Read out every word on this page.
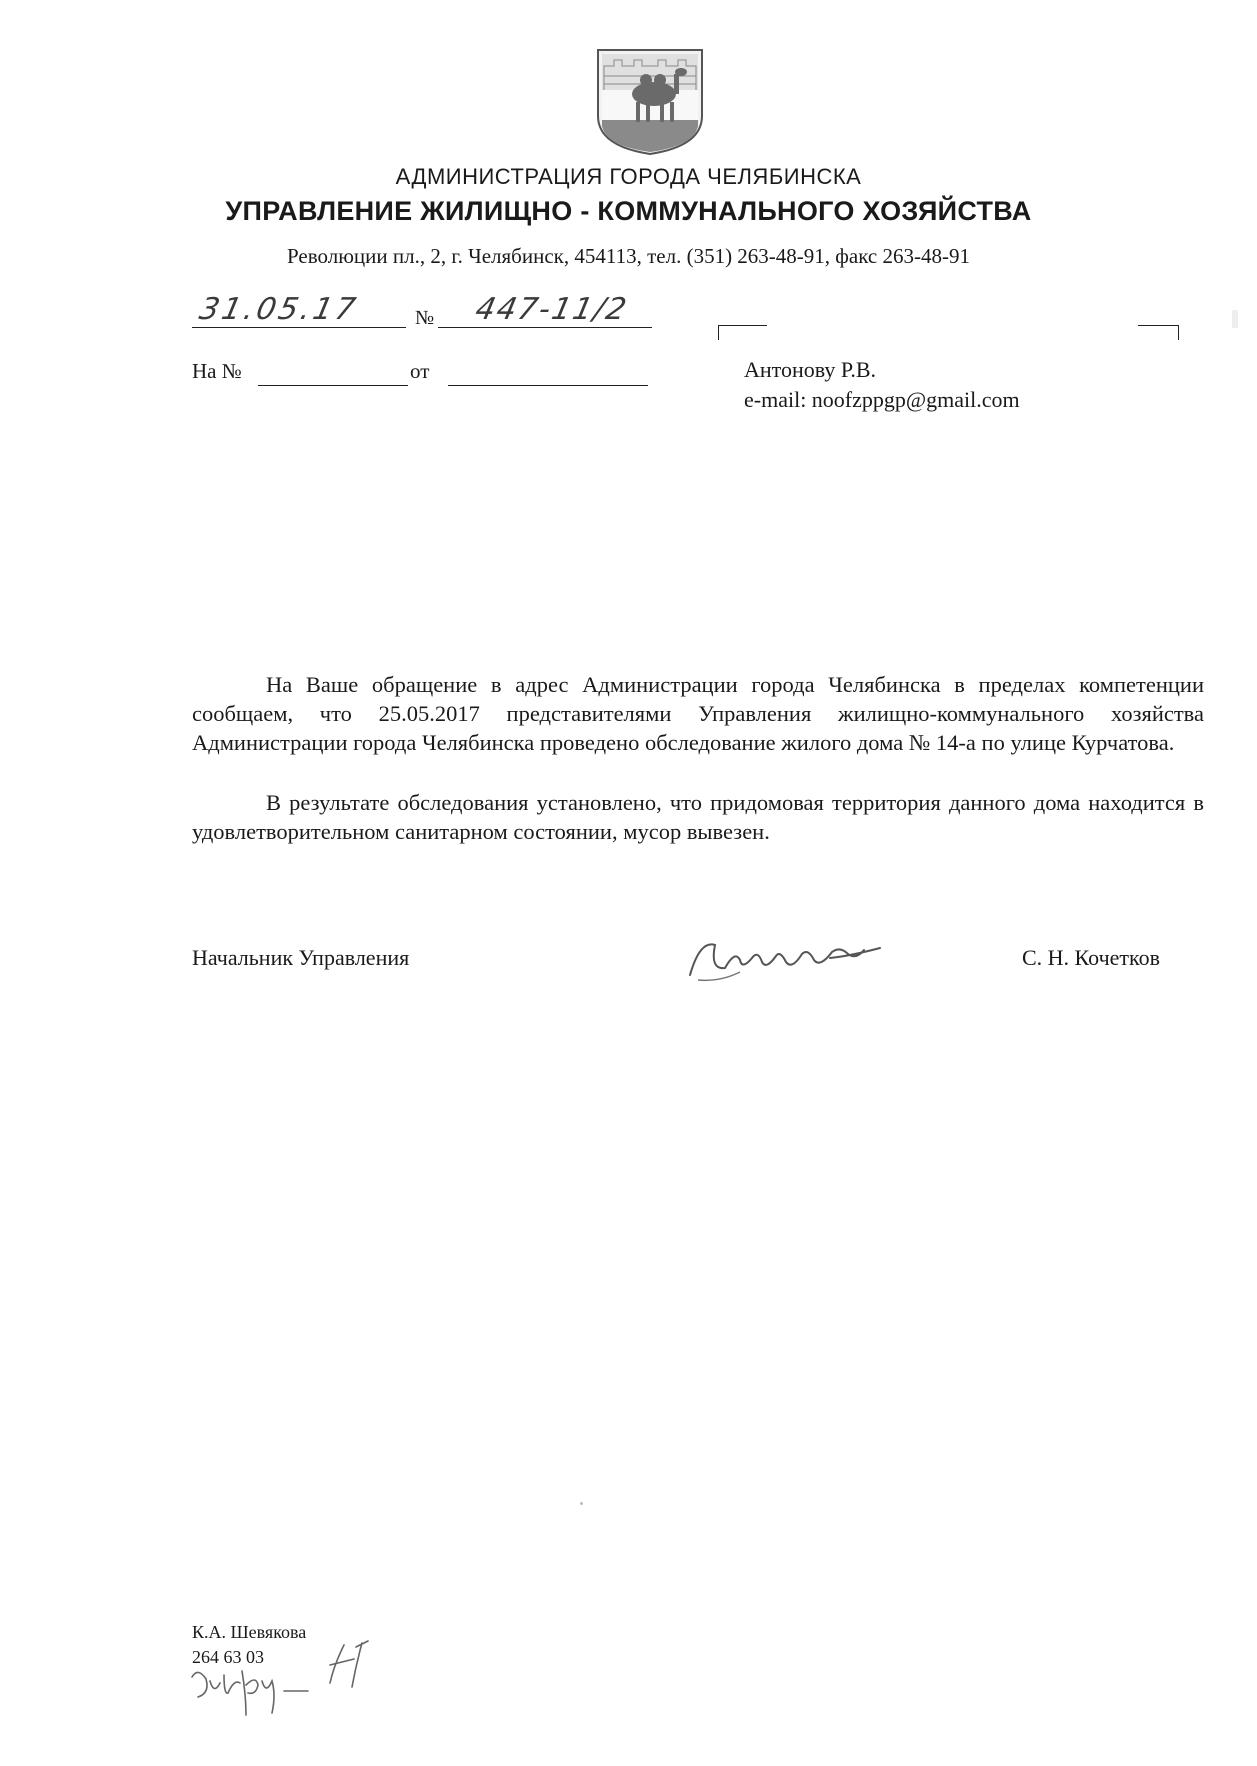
АДМИНИСТРАЦИЯ ГОРОДА ЧЕЛЯБИНСКА
УПРАВЛЕНИЕ ЖИЛИЩНО - КОММУНАЛЬНОГО ХОЗЯЙСТВА
Революции пл., 2, г. Челябинск, 454113, тел. (351) 263-48-91, факс 263-48-91
31.05.17	№ 447-11/2
На №	от	Антонову Р.В.
e-mail: noofzppgp@gmail.com
На Ваше обращение в адрес Администрации города Челябинска в пределах компетенции сообщаем, что 25.05.2017 представителями Управления жилищно-коммунального хозяйства Администрации города Челябинска проведено обследование жилого дома № 14-а по улице Курчатова.
В результате обследования установлено, что придомовая территория данного дома находится в удовлетворительном санитарном состоянии, мусор вывезен.
Начальник Управления	С. Н. Кочетков
К.А. Шевякова
264 63 03
